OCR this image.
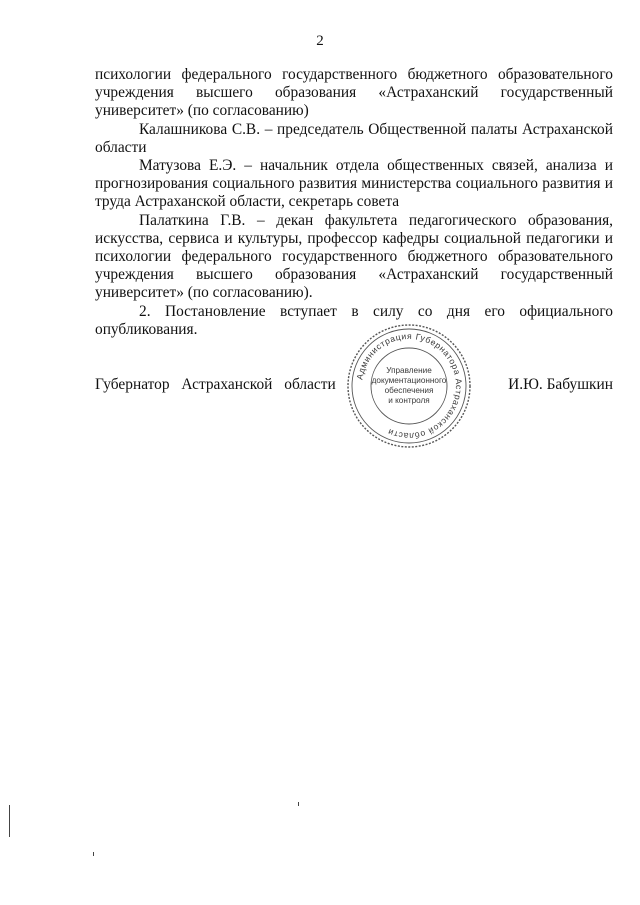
2

психологии федерального государственного бюджетного образовательного учреждения высшего образования «Астраханский государственный университет» (по согласованию)

Калашникова С.В. – председатель Общественной палаты Астраханской области

Матузова Е.Э. – начальник отдела общественных связей, анализа и прогнозирования социального развития министерства социального развития и труда Астраханской области, секретарь совета

Палаткина Г.В. – декан факультета педагогического образования, искусства, сервиса и культуры, профессор кафедры социальной педагогики и психологии федерального государственного бюджетного образовательного учреждения высшего образования «Астраханский государственный университет» (по согласованию).

2. Постановление вступает в силу со дня его официального опубликования.

Администрация Губернатора Астраханской области
Управление
документационного
обеспечения
и контроля
Губернатор Астраханской области	И.Ю. Бабушкин
